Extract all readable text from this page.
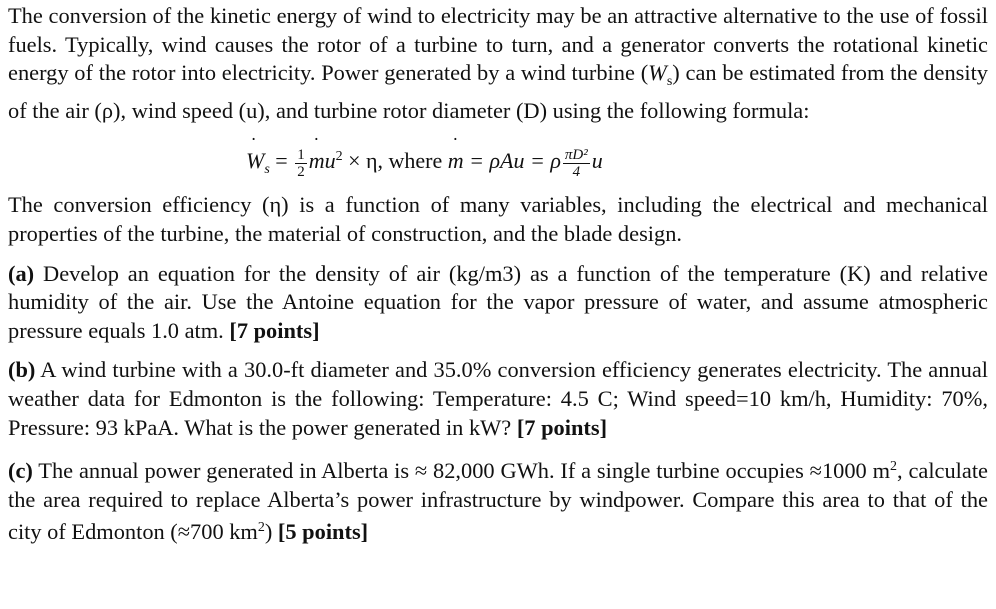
The conversion of the kinetic energy of wind to electricity may be an attractive alternative to the use of fossil fuels. Typically, wind causes the rotor of a turbine to turn, and a generator converts the rotational kinetic energy of the rotor into electricity. Power generated by a wind turbine (˙ $W_s$) can be estimated from the density of the air (ρ), wind speed (u), and turbine rotor diameter (D) using the following formula:

˙ $W_s = \frac{1}{2}$
˙ $mu^2 \times \eta$, where ˙ m = ρAu = ρ $\frac{\text{πD²}}{4}$ u

The conversion efficiency (η) is a function of many variables, including the electrical and mechanical properties of the turbine, the material of construction, and the blade design.

(a) Develop an equation for the density of air (kg/m3) as a function of the temperature (K) and relative humidity of the air. Use the Antoine equation for the vapor pressure of water, and assume atmospheric pressure equals 1.0 atm. [7 points]

(b) A wind turbine with a 30.0-ft diameter and 35.0% conversion efficiency generates electricity. The annual weather data for Edmonton is the following: Temperature: 4.5 C; Wind speed=10 km/h, Humidity: 70%, Pressure: 93 kPaA. What is the power generated in kW? [7 points]

(c) The annual power generated in Alberta is ≈ 82,000 GWh. If a single turbine occupies ≈1000 $m^2$, calculate the area required to replace Alberta’s power infrastructure by windpower. Compare this area to that of the city of Edmonton (≈700 $km^2$) [5 points]
